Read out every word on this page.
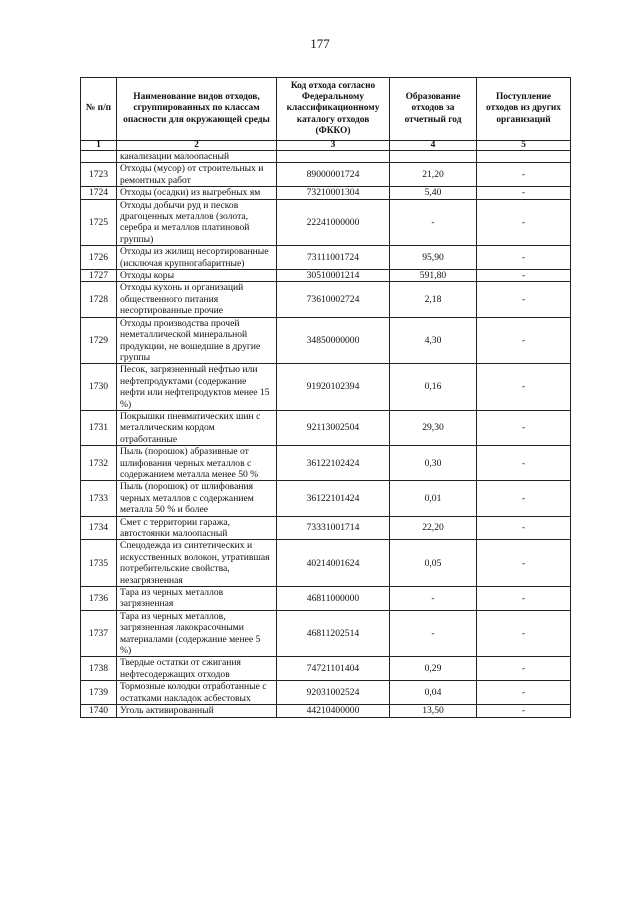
177
№ п/п	Наименование видов отходов, сгруппированных по классам опасности для окружающей среды	Код отхода согласно Федеральному классификационному каталогу отходов (ФККО)	Образование отходов за отчетный год	Поступление отходов из других организаций
1	2	3	4	5
	канализации малоопасный			
1723	Отходы (мусор) от строительных и ремонтных работ	89000001724	21,20	-
1724	Отходы (осадки) из выгребных ям	73210001304	5,40	-
1725	Отходы добычи руд и песков драгоценных металлов (золота, серебра и металлов платиновой группы)	22241000000	-	-
1726	Отходы из жилищ несортированные (исключая крупногабаритные)	73111001724	95,90	-
1727	Отходы коры	30510001214	591,80	-
1728	Отходы кухонь и организаций общественного питания несортированные прочие	73610002724	2,18	-
1729	Отходы производства прочей неметаллической минеральной продукции, не вошедшие в другие группы	34850000000	4,30	-
1730	Песок, загрязненный нефтью или нефтепродуктами (содержание нефти или нефтепродуктов менее 15 %)	91920102394	0,16	-
1731	Покрышки пневматических шин с металлическим кордом отработанные	92113002504	29,30	-
1732	Пыль (порошок) абразивные от шлифования черных металлов с содержанием металла менее 50 %	36122102424	0,30	-
1733	Пыль (порошок) от шлифования черных металлов с содержанием металла 50 % и более	36122101424	0,01	-
1734	Смет с территории гаража, автостоянки малоопасный	73331001714	22,20	-
1735	Спецодежда из синтетических и искусственных волокон, утратившая потребительские свойства, незагрязненная	40214001624	0,05	-
1736	Тара из черных металлов загрязненная	46811000000	-	-
1737	Тара из черных металлов, загрязненная лакокрасочными материалами (содержание менее 5 %)	46811202514	-	-
1738	Твердые остатки от сжигания нефтесодержащих отходов	74721101404	0,29	-
1739	Тормозные колодки отработанные с остатками накладок асбестовых	92031002524	0,04	-
1740	Уголь активированный	44210400000	13,50	-
